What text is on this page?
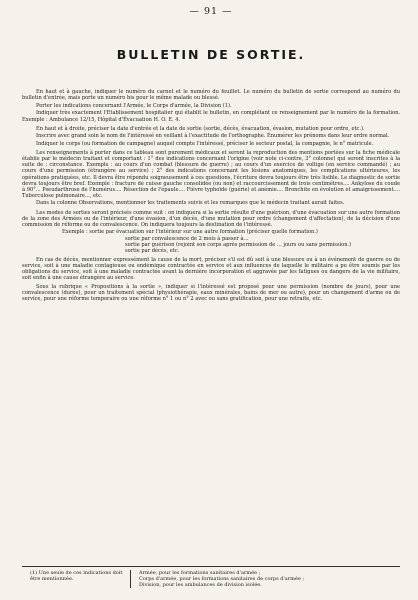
— 91 —
BULLETIN DE SORTIE.

En haut et à gauche, indiquer le numéro du carnet et le numéro du feuillet. Le numéro du bulletin de sortie correspond au numéro du bulletin d'entrée, mais porte un numéro bis pour le même malade ou blessé.

Porter les indications concernant l'Armée, le Corps d'armée, la Division (1).

Indiquer très exactement l'Etablissement hospitalier qui établit le bulletin, en complétant ce renseignement par le numéro de la formation. Exemple : Ambulance 12/15, Hôpital d'Évacuation H. O. E. 4.

En haut et à droite, préciser la date d'entrée et la date de sortie (sortie, décès, évacuation, évasion, mutation pour ordre, etc.).

Inscrire avec grand soin le nom de l'intéressé en veillant à l'exactitude de l'orthographe. Énumérer les prénoms dans leur ordre normal.

Indiquer le corps (ou formation de campagne) auquel compte l'intéressé, préciser le secteur postal, la compagnie, le n° matricule.

Les renseignements à porter dans ce tableau sont purement médicaux et seront la reproduction des mentions portées sur la fiche médicale établie par le médecin traitant et comportant : 1° des indications concernant l'origine (voir note ci-contre, 3° colonne) qui seront inscrites à la suite de : circonstance. Exemple : au cours d'un combat (blessure de guerre) ; au cours d'un exercice de voltige (en service commandé) ; au cours d'une permission (étrangère au service) ; 2° des indications concernant les lésions anatomiques, les complications ultérieures, les opérations pratiquées, etc. Il devra être répondu soigneusement à ces questions, l'écriture devra toujours être très lisible. Le diagnostic de sortie devra toujours être bref. Exemple : fracture de cuisse gauche consolidée (ou non) et raccourcissement de trois centimètres.... Ankylose du coude à 90°... Pseudarthrose de l'humérus.... Résection de l'épaule.... Fièvre typhoïde (guérie) et anémie.... Bronchite en évolution et amaigrissement.... Tuberculose pulmonaire..., etc.

Dans la colonne Observations, mentionner les traitements suivis et les remarques que le médecin traitant aurait faites.

Les modes de sorties seront précisés comme suit : on indiquera si la sortie résulte d'une guérison, d'une évacuation sur une autre formation de la zone des Armées ou de l'intérieur, d'une évasion, d'un décès, d'une mutation pour ordre (changement d'affectation), de la décision d'une commission de réforme ou de convalescence. On indiquera toujours la destination de l'intéressé.

Exemple : sortie par évacuation sur l'intérieur sur une autre formation (préciser quelle formation.)
sortie par convalescence de 2 mois à passer à...
sortie par guérison (rejoint son corps après permission de ... jours ou sans permission.)
sortie par décès, etc.

En cas de décès, mentionner expressément la cause de la mort, préciser s'il est dû soit à une blessure ou à un événement de guerre ou de service, soit à une maladie contagieuse ou endémique contractée en service et aux influences de laquelle le militaire a pu être soumis par les obligations du service, soit à une maladie contractée avant la dernière incorporation et aggravée par les fatigues ou dangers de la vie militaire, soit enfin à une cause étrangère au service.

Sous la rubrique « Propositions à la sortie », indiquer si l'intéressé est proposé pour une permission (nombre de jours), pour une convalescence (durée), pour un traitement spécial (physiothérapie, eaux minérales, bains de mer ou autre), pour un changement d'arme ou de service, pour une réforme temporaire ou une réforme n° 1 ou n° 2 avec ou sans gratification, pour une retraite, etc.

(1) Une seule de ces indications doit être mentionnée.
Armée, pour les formations sanitaires d'armée ;
Corps d'armée, pour les formations sanitaires de corps d'armée ;
Division, pour les ambulances de division isolée.
